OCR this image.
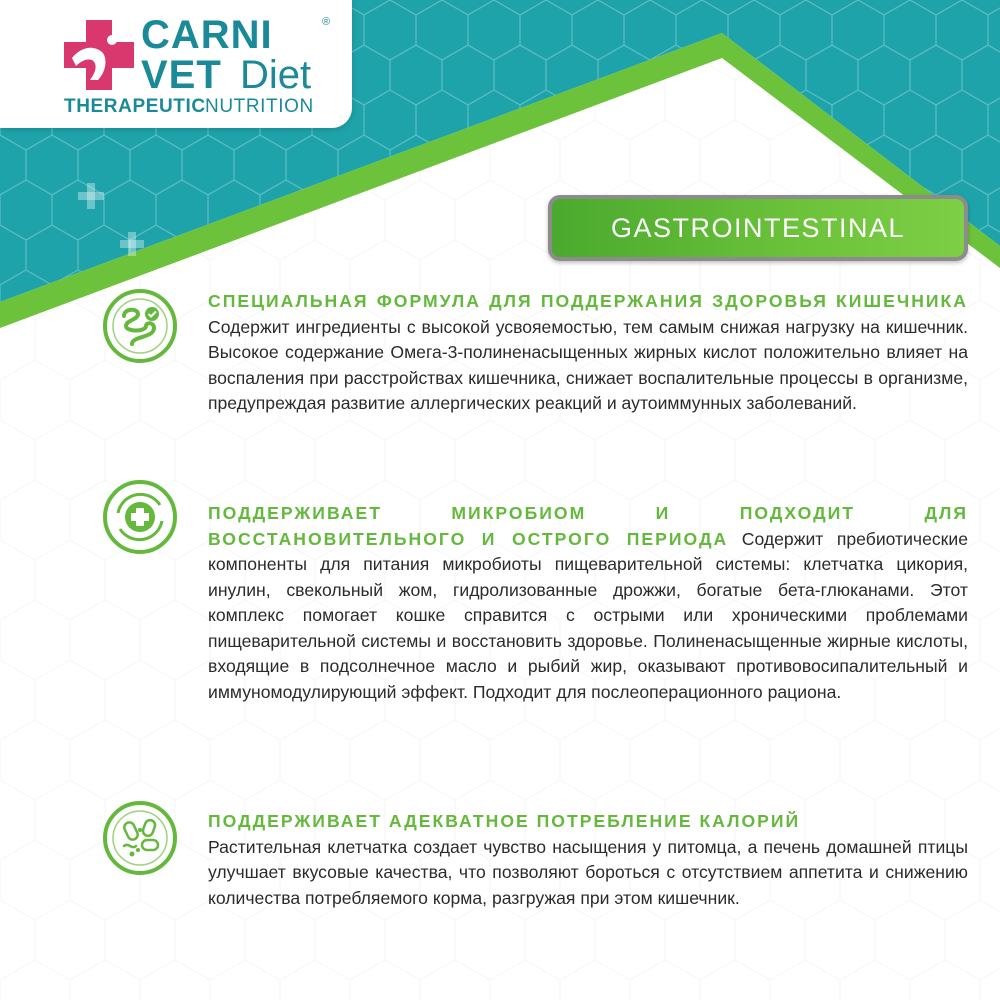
CARNI	®
VET Diet
THERAPEUTIC NUTRITION
GASTROINTESTINAL

СПЕЦИАЛЬНАЯ ФОРМУЛА ДЛЯ ПОДДЕРЖАНИЯ ЗДОРОВЬЯ КИШЕЧНИКА Содержит ингредиенты с высокой усвояемостью, тем самым снижая нагрузку на кишечник. Высокое содержание Омега-3-полиненасыщенных жирных кислот положительно влияет на воспаления при расстройствах кишечника, снижает воспалительные процессы в организме, предупреждая развитие аллергических реакций и аутоиммунных заболеваний.

ПОДДЕРЖИВАЕТ МИКРОБИОМ И ПОДХОДИТ ДЛЯ ВОССТАНОВИТЕЛЬНОГО И ОСТРОГО ПЕРИОДА Содержит пребиотические компоненты для питания микробиоты пищеварительной системы: клетчатка цикория, инулин, свекольный жом, гидролизованные дрожжи, богатые бета-глюканами. Этот комплекс помогает кошке справится с острыми или хроническими проблемами пищеварительной системы и восстановить здоровье. Полиненасыщенные жирные кислоты, входящие в подсолнечное масло и рыбий жир, оказывают противовосипалительный и иммуномодулирующий эффект. Подходит для послеоперационного рациона.

ПОДДЕРЖИВАЕТ АДЕКВАТНОЕ ПОТРЕБЛЕНИЕ КАЛОРИЙ
Растительная клетчатка создает чувство насыщения у питомца, а печень домашней птицы улучшает вкусовые качества, что позволяют бороться с отсутствием аппетита и снижению количества потребляемого корма, разгружая при этом кишечник.
